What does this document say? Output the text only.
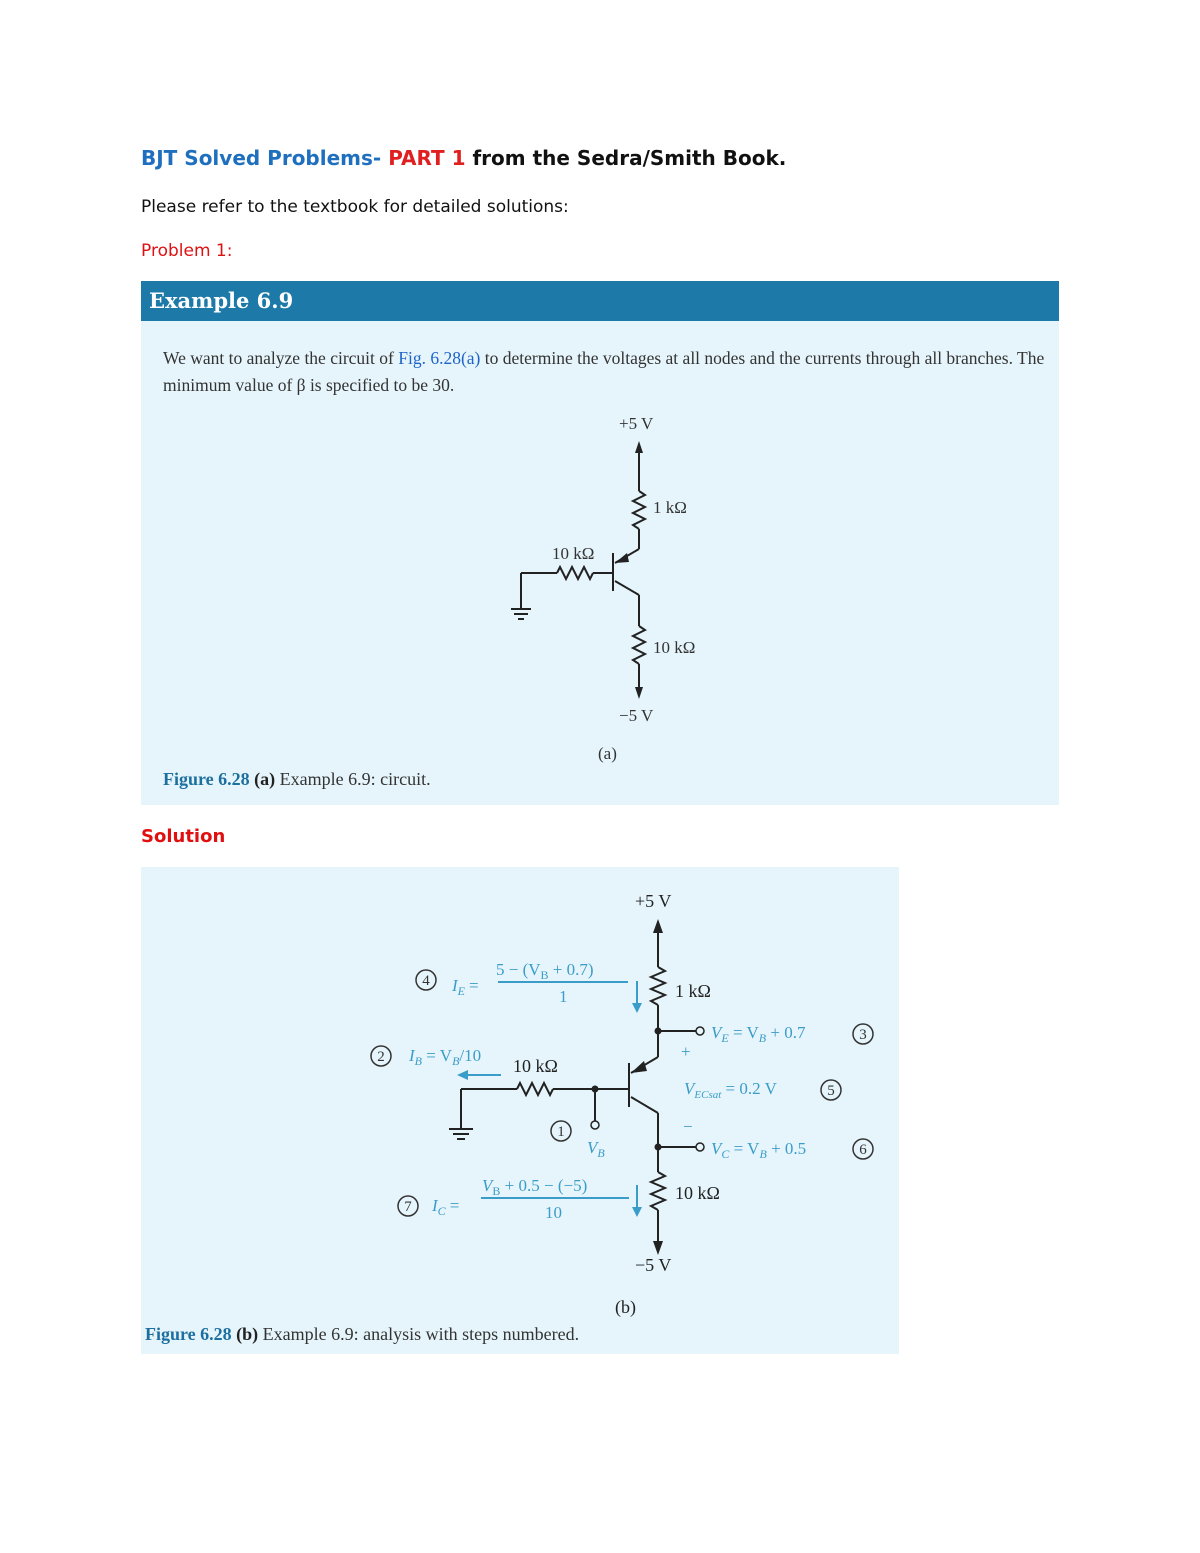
BJT Solved Problems- PART 1 from the Sedra/Smith Book.
Please refer to the textbook for detailed solutions:
Problem 1:
Example 6.9
We want to analyze the circuit of Fig. 6.28(a) to determine the voltages at all nodes and the currents through all branches. The minimum value of β is specified to be 30.
+5 V
1 kΩ
10 kΩ
10 kΩ
−5 V
(a)
Figure 6.28 (a) Example 6.9: circuit.
Solution
4
2
1
3
5
6
7
+5 V
1 kΩ
10 kΩ
10 kΩ
−5 V
(b)
$I_E$ =
$5 - (V_B + 0.7)$
1
$I_B = V_B/10$
$V_B$
$V_E = V_B + 0.7$
+
−
$V_{ECsat} = 0.2$ V
$V_C = V_B + 0.5$
$I_C$ =
$V_B + 0.5 - (-5)$
10
Figure 6.28 (b) Example 6.9: analysis with steps numbered.
